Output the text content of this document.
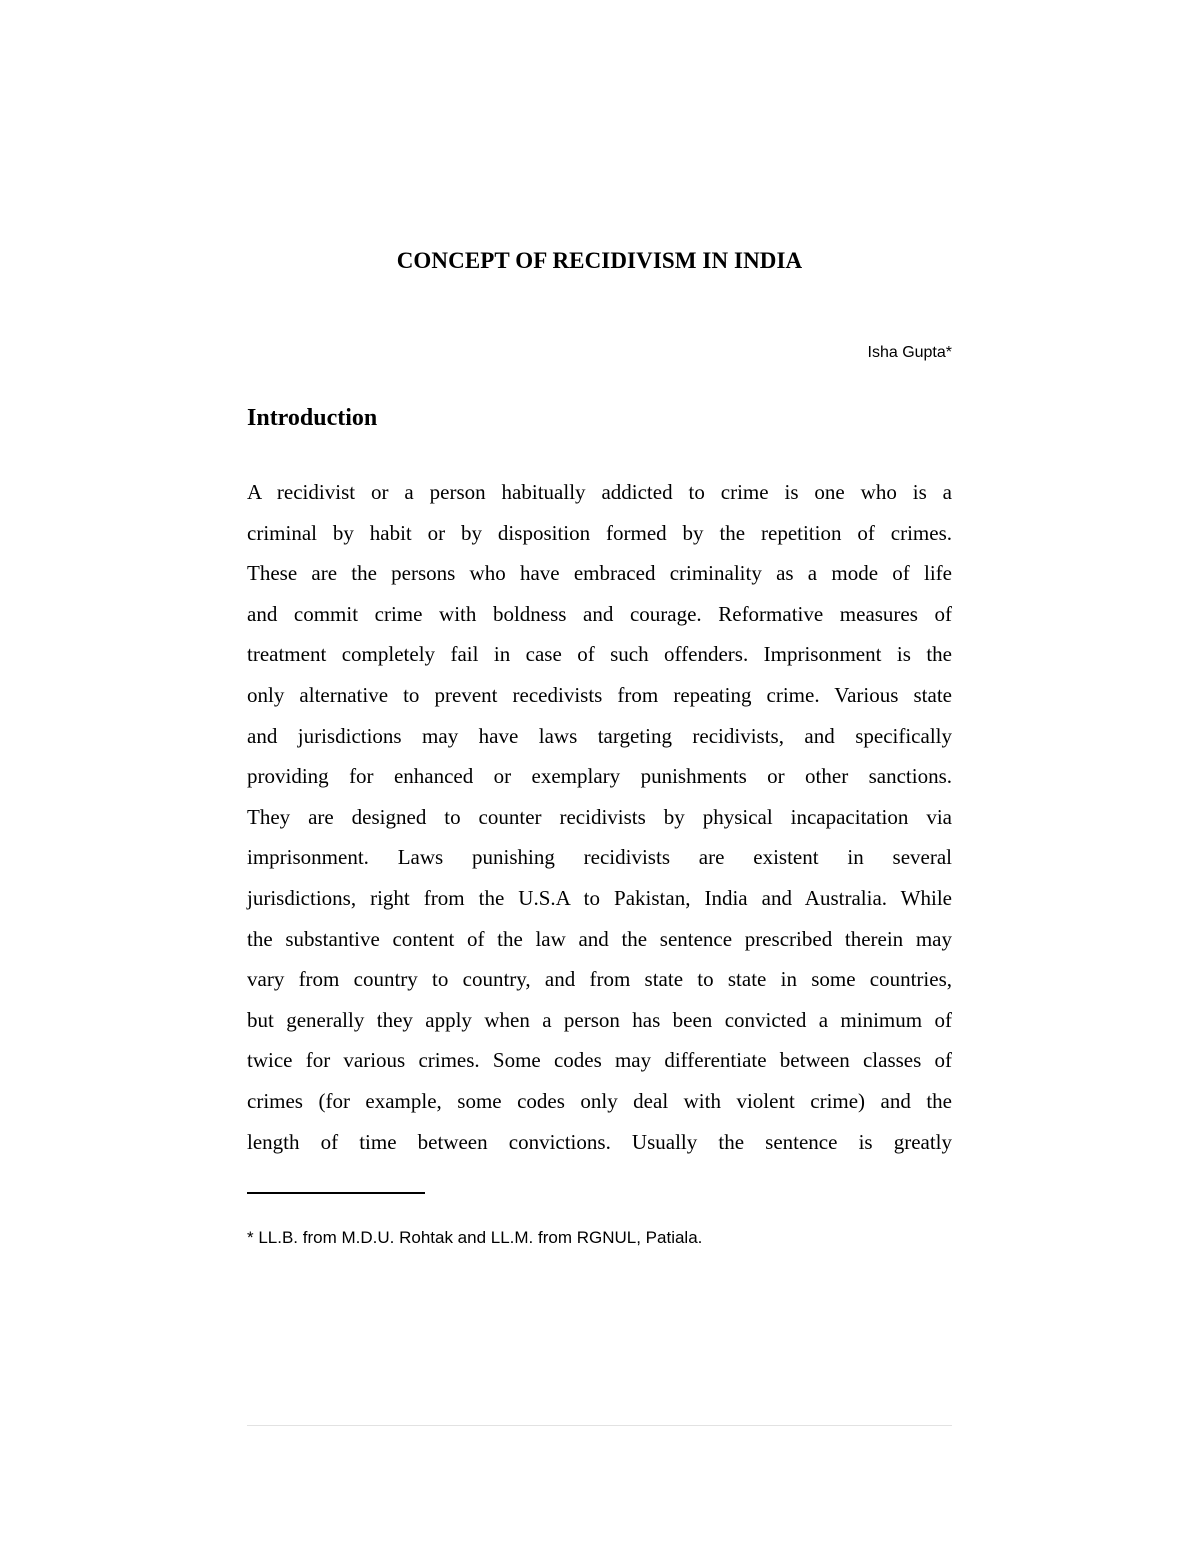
CONCEPT OF RECIDIVISM IN INDIA
Isha Gupta*
Introduction
A recidivist or a person habitually addicted to crime is one who is a
criminal by habit or by disposition formed by the repetition of crimes.
These are the persons who have embraced criminality as a mode of life
and commit crime with boldness and courage. Reformative measures of
treatment completely fail in case of such offenders. Imprisonment is the
only alternative to prevent recedivists from repeating crime. Various state
and jurisdictions may have laws targeting recidivists, and specifically
providing for enhanced or exemplary punishments or other sanctions.
They are designed to counter recidivists by physical incapacitation via
imprisonment. Laws punishing recidivists are existent in several
jurisdictions, right from the U.S.A to Pakistan, India and Australia. While
the substantive content of the law and the sentence prescribed therein may
vary from country to country, and from state to state in some countries,
but generally they apply when a person has been convicted a minimum of
twice for various crimes. Some codes may differentiate between classes of
crimes (for example, some codes only deal with violent crime) and the
length of time between convictions. Usually the sentence is greatly
* LL.B. from M.D.U. Rohtak and LL.M. from RGNUL, Patiala.
